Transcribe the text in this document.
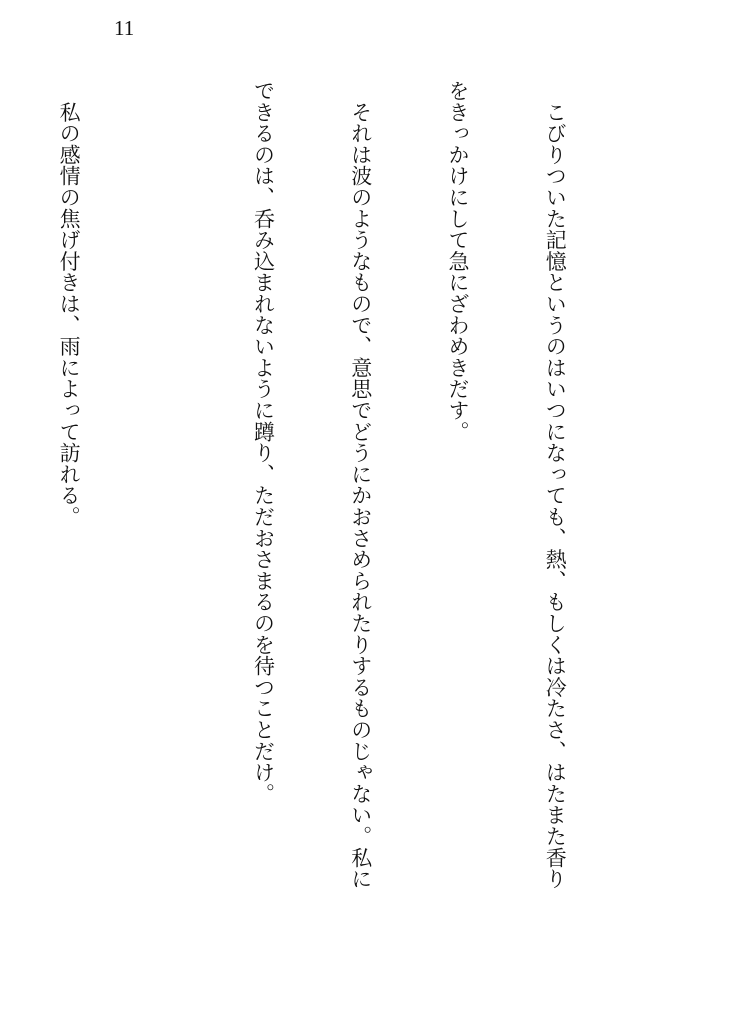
11

　こびりついた記憶というのはいつになっても、熱、もしくは冷たさ、はたまた香り

をきっかけにして急にざわめきだす。

　それは波のようなもので、意思でどうにかおさめられたりするものじゃない。私に

できるのは、呑み込まれないように蹲り、ただおさまるのを待つことだけ。

　私の感情の焦げ付きは、雨によって訪れる。
